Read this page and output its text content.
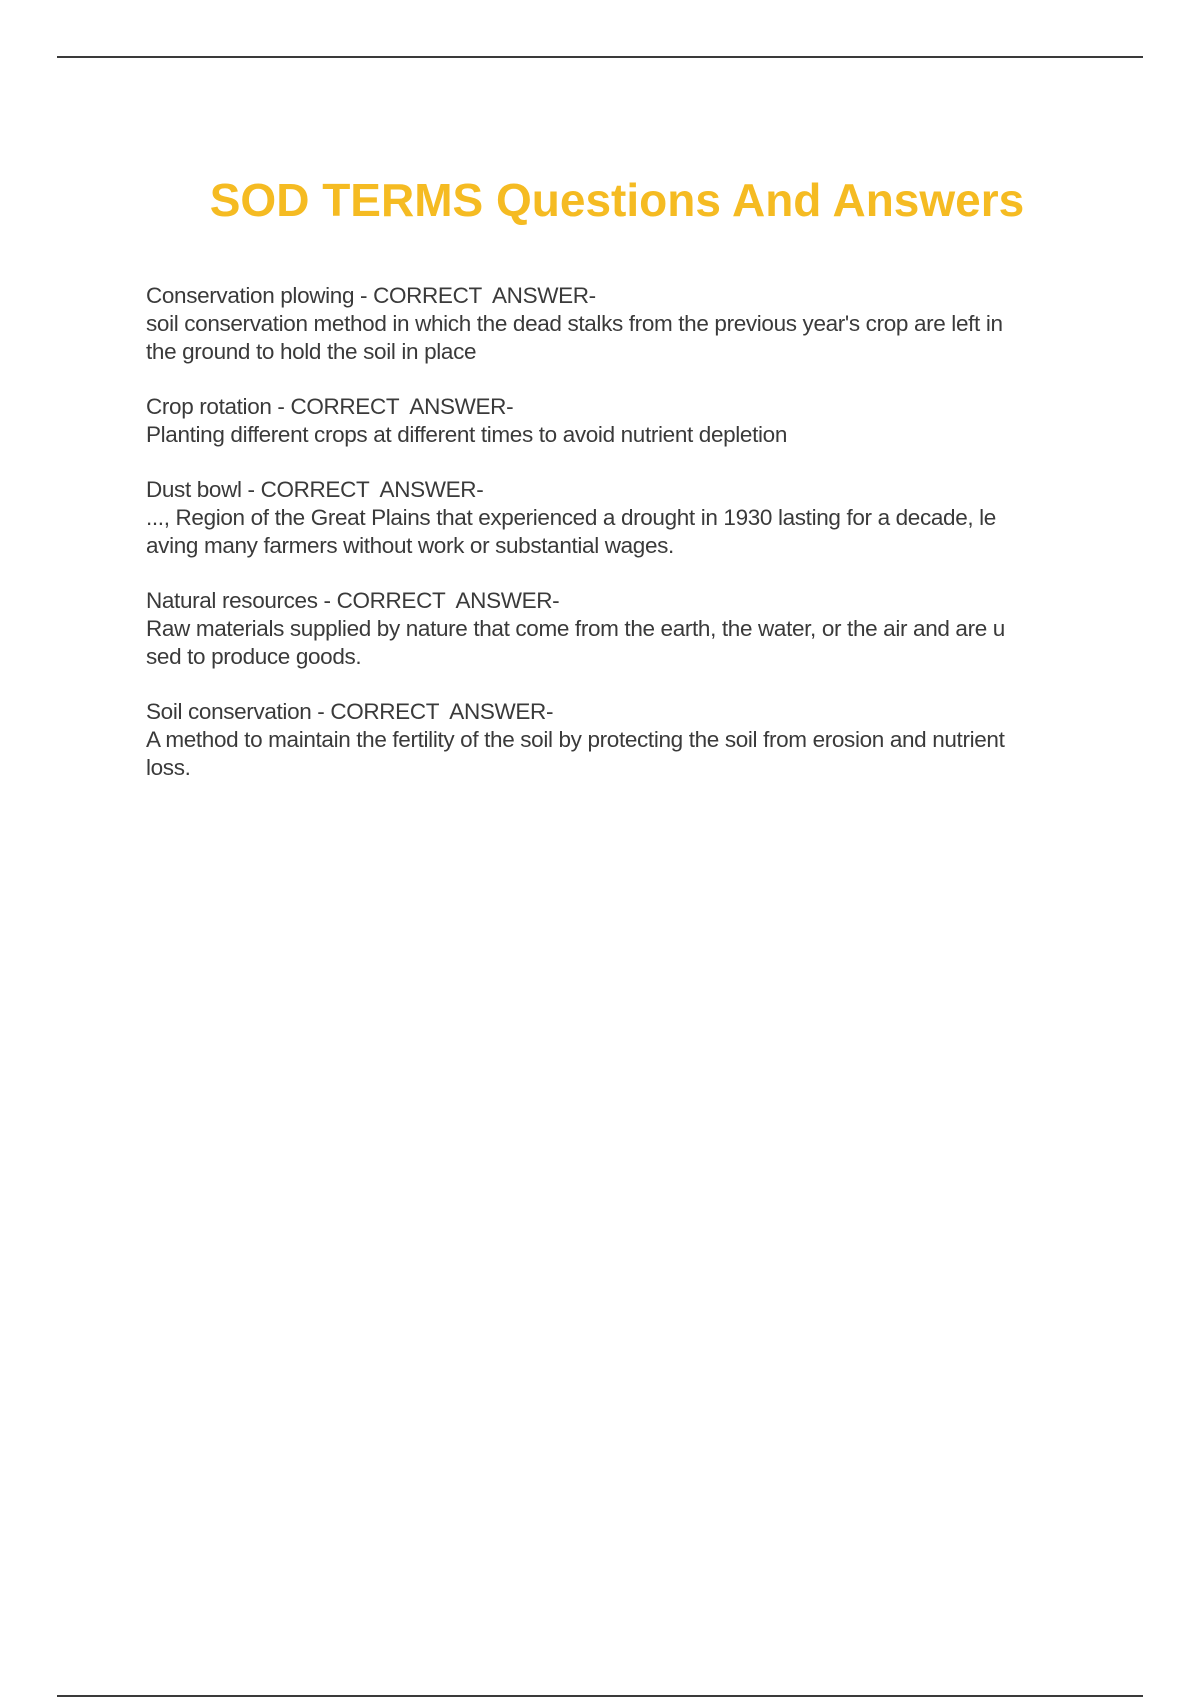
SOD TERMS Questions And Answers
Conservation plowing - CORRECT  ANSWER-
soil conservation method in which the dead stalks from the previous year's crop are left in
the ground to hold the soil in place
Crop rotation - CORRECT  ANSWER-
Planting different crops at different times to avoid nutrient depletion
Dust bowl - CORRECT  ANSWER-
..., Region of the Great Plains that experienced a drought in 1930 lasting for a decade, le
aving many farmers without work or substantial wages.
Natural resources - CORRECT  ANSWER-
Raw materials supplied by nature that come from the earth, the water, or the air and are u
sed to produce goods.
Soil conservation - CORRECT  ANSWER-
A method to maintain the fertility of the soil by protecting the soil from erosion and nutrient
loss.
